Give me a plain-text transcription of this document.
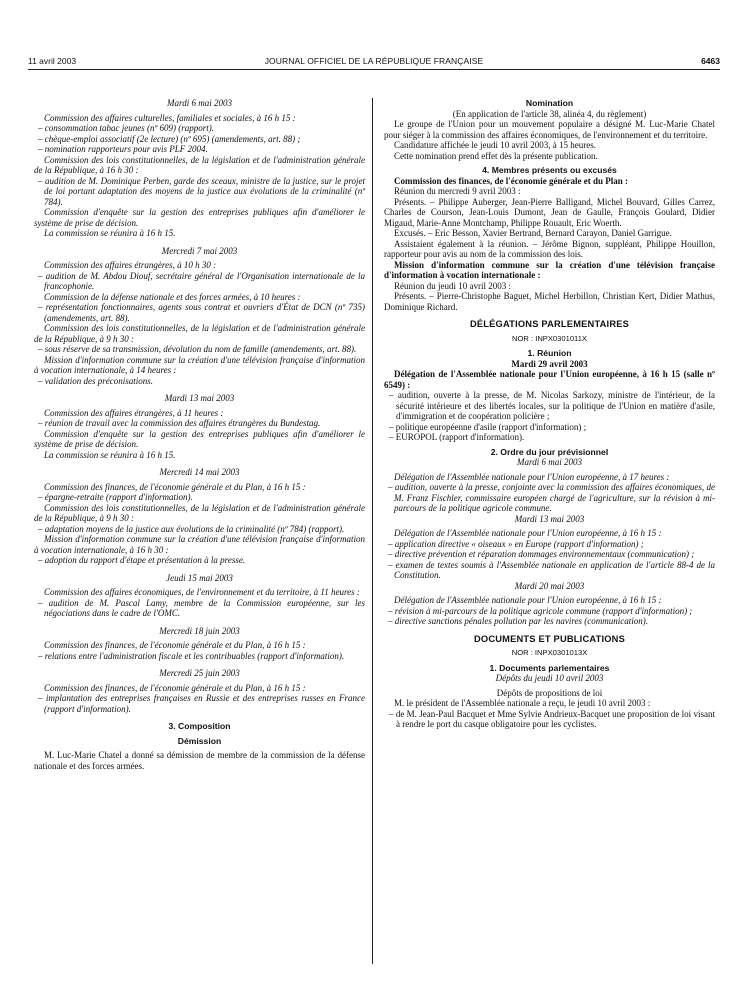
11 avril 2003	JOURNAL OFFICIEL DE LA RÉPUBLIQUE FRANÇAISE	6463

Mardi 6 mai 2003

Commission des affaires culturelles, familiales et sociales, à 16 h 15 :

– consommation tabac jeunes (nº 609) (rapport).

– chèque-emploi associatif (2e lecture) (nº 695) (amendements, art. 88) ;

– nomination rapporteurs pour avis PLF 2004.

Commission des lois constitutionnelles, de la législation et de l'administration générale de la République, à 16 h 30 :

– audition de M. Dominique Perben, garde des sceaux, ministre de la justice, sur le projet de loi portant adaptation des moyens de la justice aux évolutions de la criminalité (nº 784).

Commission d'enquête sur la gestion des entreprises publiques afin d'améliorer le système de prise de décision.

La commission se réunira à 16 h 15.

Mercredi 7 mai 2003

Commission des affaires étrangères, à 10 h 30 :

– audition de M. Abdou Diouf, secrétaire général de l'Organisation internationale de la francophonie.

Commission de la défense nationale et des forces armées, à 10 heures :

– représentation fonctionnaires, agents sous contrat et ouvriers d'État de DCN (nº 735) (amendements, art. 88).

Commission des lois constitutionnelles, de la législation et de l'administration générale de la République, à 9 h 30 :

– sous réserve de sa transmission, dévolution du nom de famille (amendements, art. 88).

Mission d'information commune sur la création d'une télévision française d'information à vocation internationale, à 14 heures :

– validation des préconisations.

Mardi 13 mai 2003

Commission des affaires étrangères, à 11 heures :

– réunion de travail avec la commission des affaires étrangères du Bundestag.

Commission d'enquête sur la gestion des entreprises publiques afin d'améliorer le système de prise de décision.

La commission se réunira à 16 h 15.

Mercredi 14 mai 2003

Commission des finances, de l'économie générale et du Plan, à 16 h 15 :

– épargne-retraite (rapport d'information).

Commission des lois constitutionnelles, de la législation et de l'administration générale de la République, à 9 h 30 :

– adaptation moyens de la justice aux évolutions de la criminalité (nº 784) (rapport).

Mission d'information commune sur la création d'une télévision française d'information à vocation internationale, à 16 h 30 :

– adoption du rapport d'étape et présentation à la presse.

Jeudi 15 mai 2003

Commission des affaires économiques, de l'environnement et du territoire, à 11 heures :

– audition de M. Pascal Lamy, membre de la Commission européenne, sur les négociations dans le cadre de l'OMC.

Mercredi 18 juin 2003

Commission des finances, de l'économie générale et du Plan, à 16 h 15 :

– relations entre l'administration fiscale et les contribuables (rapport d'information).

Mercredi 25 juin 2003

Commission des finances, de l'économie générale et du Plan, à 16 h 15 :

– implantation des entreprises françaises en Russie et des entreprises russes en France (rapport d'information).

3. Composition

Démission

M. Luc-Marie Chatel a donné sa démission de membre de la commission de la défense nationale et des forces armées.

Nomination

(En application de l'article 38, alinéa 4, du règlement)

Le groupe de l'Union pour un mouvement populaire a désigné M. Luc-Marie Chatel pour siéger à la commission des affaires économiques, de l'environnement et du territoire.

Candidature affichée le jeudi 10 avril 2003, à 15 heures.

Cette nomination prend effet dès la présente publication.

4. Membres présents ou excusés

Commission des finances, de l'économie générale et du Plan :

Réunion du mercredi 9 avril 2003 :

Présents. – Philippe Auberger, Jean-Pierre Balligand, Michel Bouvard, Gilles Carrez, Charles de Courson, Jean-Louis Dumont, Jean de Gaulle, François Goulard, Didier Migaud, Marie-Anne Montchamp, Philippe Rouault, Eric Woerth.

Excusés. – Eric Besson, Xavier Bertrand, Bernard Carayon, Daniel Garrigue.

Assistaient également à la réunion. – Jérôme Bignon, suppléant, Philippe Houillon, rapporteur pour avis au nom de la commission des lois.

Mission d'information commune sur la création d'une télévision française d'information à vocation internationale :

Réunion du jeudi 10 avril 2003 :

Présents. – Pierre-Christophe Baguet, Michel Herbillon, Christian Kert, Didier Mathus, Dominique Richard.

DÉLÉGATIONS PARLEMENTAIRES

NOR : INPX0301011X

1. Réunion

Mardi 29 avril 2003

Délégation de l'Assemblée nationale pour l'Union européenne, à 16 h 15 (salle nº 6549) :

– audition, ouverte à la presse, de M. Nicolas Sarkozy, ministre de l'intérieur, de la sécurité intérieure et des libertés locales, sur la politique de l'Union en matière d'asile, d'immigration et de coopération policière ;

– politique européenne d'asile (rapport d'information) ;

– EUROPOL (rapport d'information).

2. Ordre du jour prévisionnel

Mardi 6 mai 2003

Délégation de l'Assemblée nationale pour l'Union européenne, à 17 heures :

– audition, ouverte à la presse, conjointe avec la commission des affaires économiques, de M. Franz Fischler, commissaire européen chargé de l'agriculture, sur la révision à mi-parcours de la politique agricole commune.

Mardi 13 mai 2003

Délégation de l'Assemblée nationale pour l'Union européenne, à 16 h 15 :

– application directive « oiseaux » en Europe (rapport d'information) ;

– directive prévention et réparation dommages environnementaux (communication) ;

– examen de textes soumis à l'Assemblée nationale en application de l'article 88-4 de la Constitution.

Mardi 20 mai 2003

Délégation de l'Assemblée nationale pour l'Union européenne, à 16 h 15 :

– révision à mi-parcours de la politique agricole commune (rapport d'information) ;

– directive sanctions pénales pollution par les navires (communication).

DOCUMENTS ET PUBLICATIONS

NOR : INPX0301013X

1. Documents parlementaires

Dépôts du jeudi 10 avril 2003

Dépôts de propositions de loi

M. le président de l'Assemblée nationale a reçu, le jeudi 10 avril 2003 :

– de M. Jean-Paul Bacquet et Mme Sylvie Andrieux-Bacquet une proposition de loi visant à rendre le port du casque obligatoire pour les cyclistes.
